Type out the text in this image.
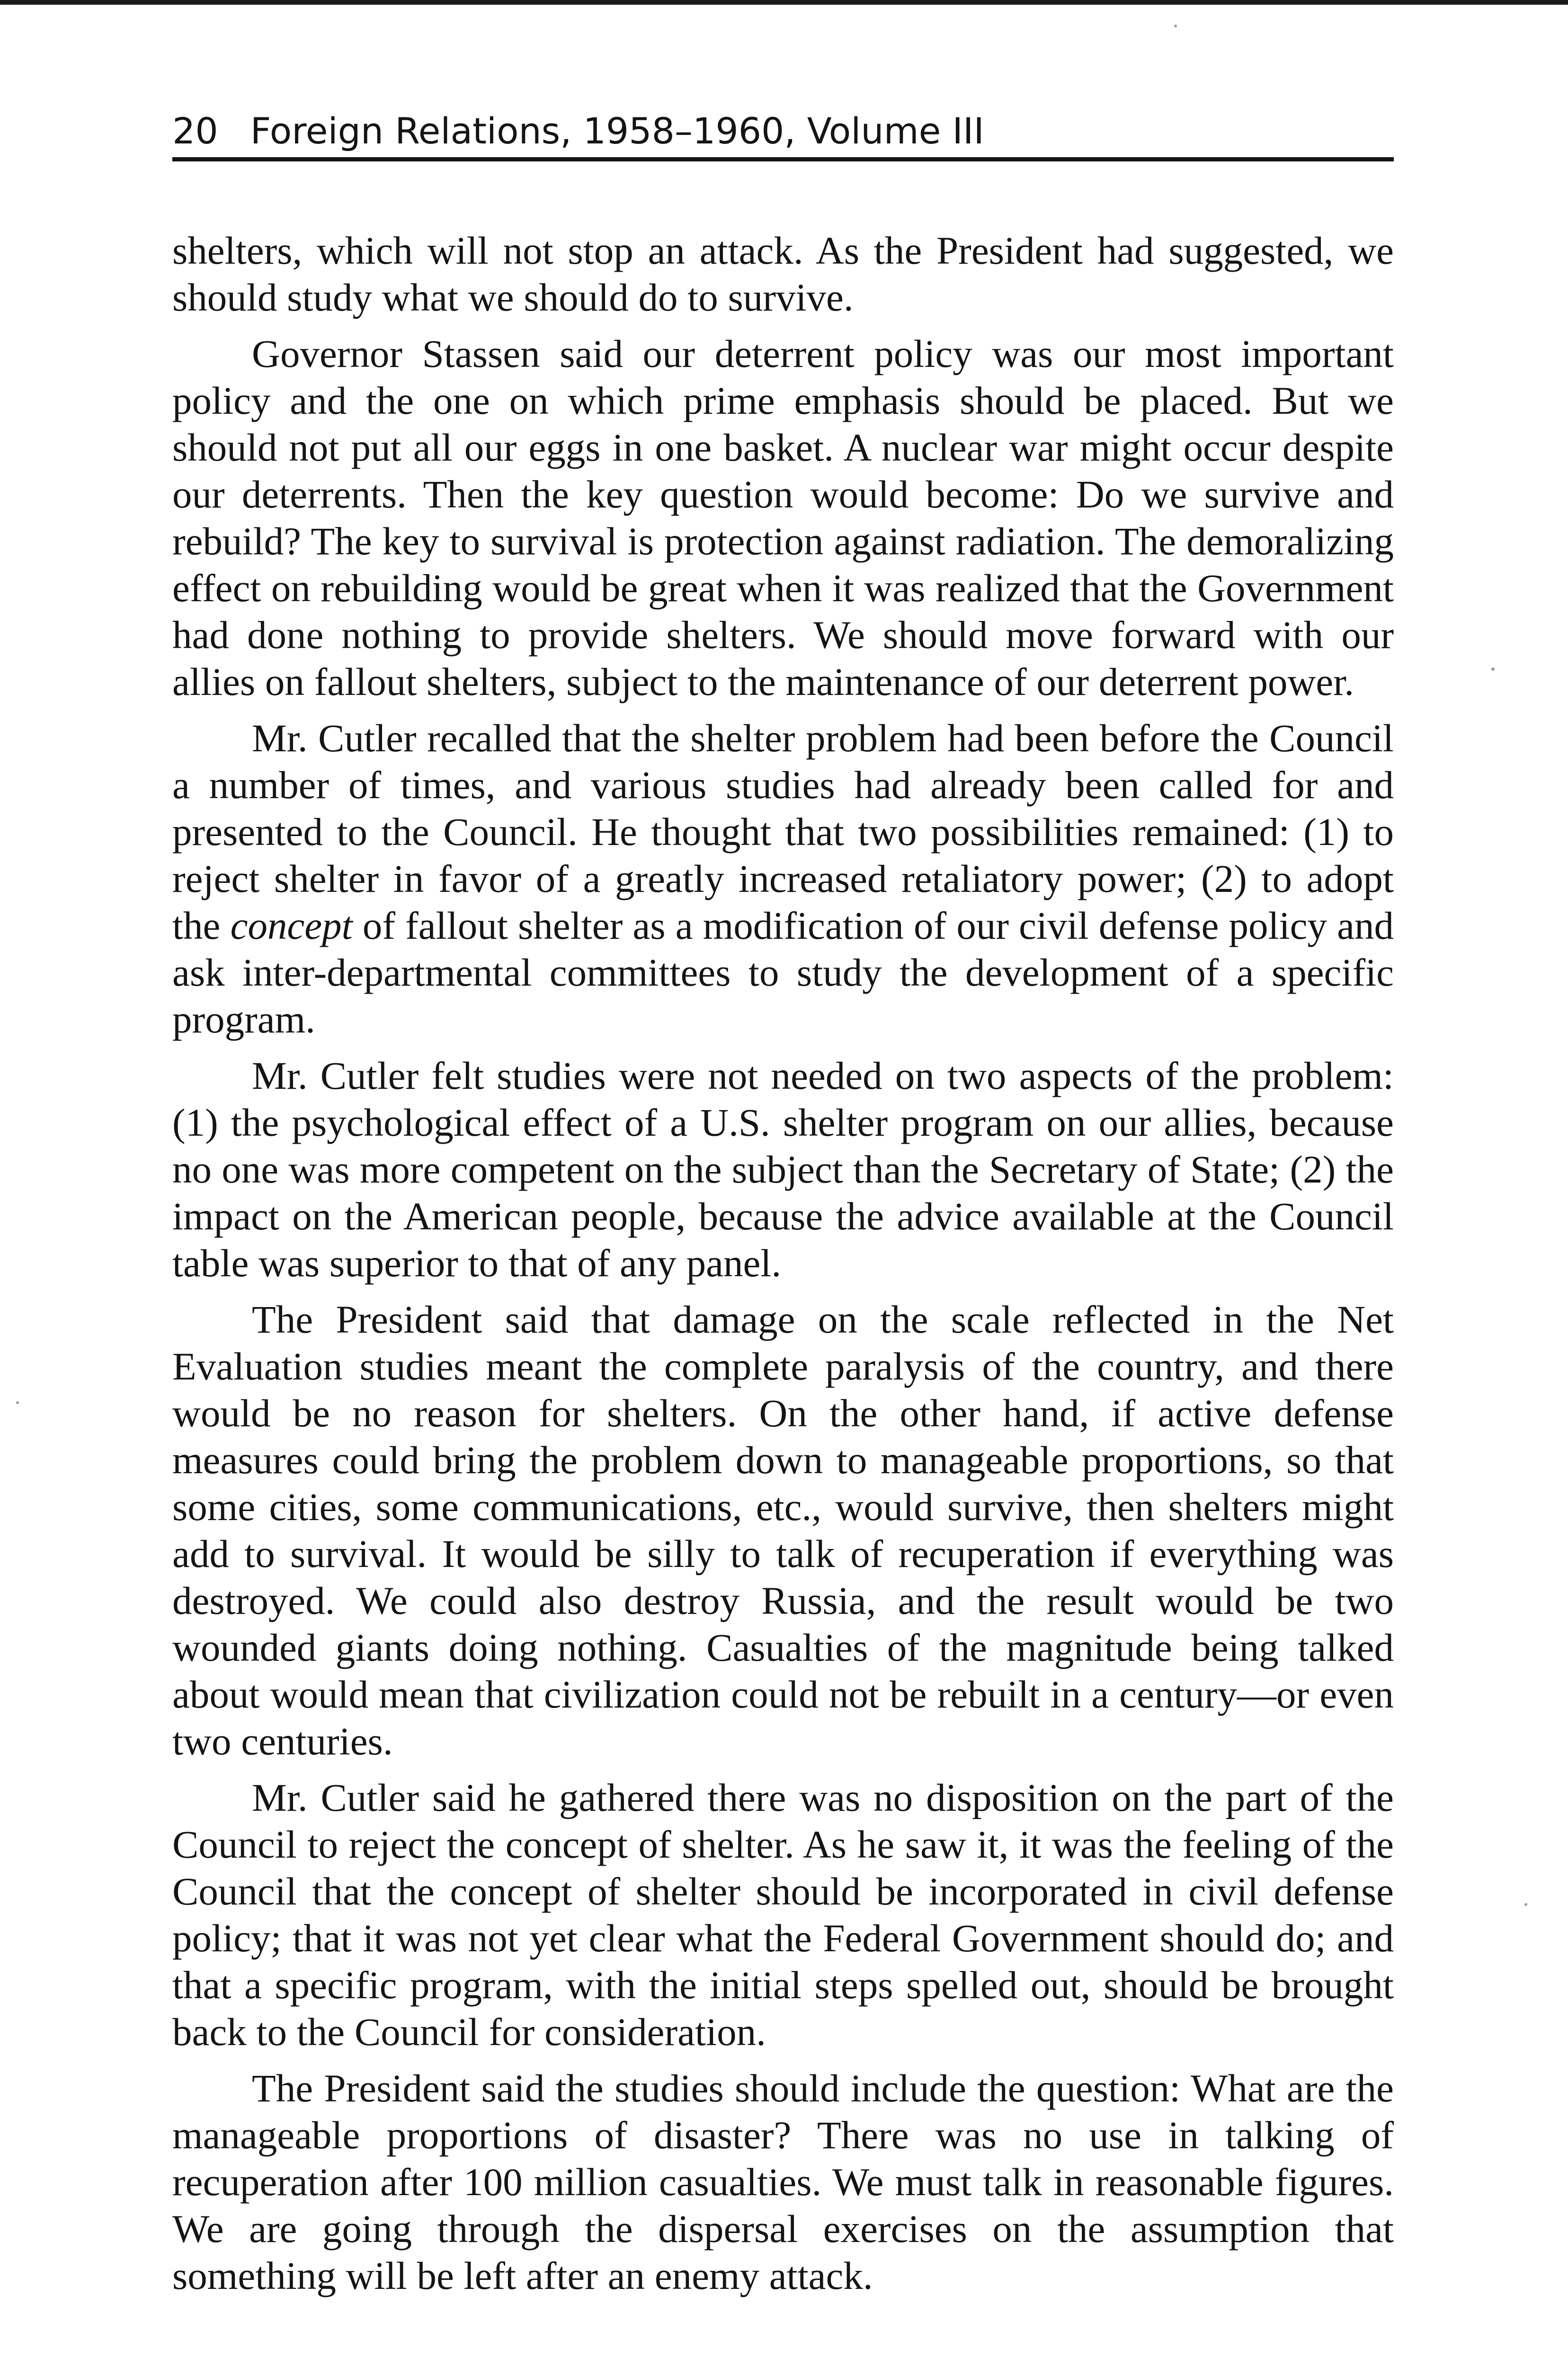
20 Foreign Relations, 1958–1960, Volume III

shelters, which will not stop an attack. As the President had suggested, we should study what we should do to survive.

Governor Stassen said our deterrent policy was our most important policy and the one on which prime emphasis should be placed. But we should not put all our eggs in one basket. A nuclear war might occur despite our deterrents. Then the key question would become: Do we survive and rebuild? The key to survival is protection against radiation. The demoralizing effect on rebuilding would be great when it was realized that the Government had done nothing to provide shelters. We should move forward with our allies on fallout shelters, subject to the maintenance of our deterrent power.

Mr. Cutler recalled that the shelter problem had been before the Council a number of times, and various studies had already been called for and presented to the Council. He thought that two possibilities remained: (1) to reject shelter in favor of a greatly increased retaliatory power; (2) to adopt the concept of fallout shelter as a modification of our civil defense policy and ask inter-departmental committees to study the development of a specific program.

Mr. Cutler felt studies were not needed on two aspects of the problem: (1) the psychological effect of a U.S. shelter program on our allies, because no one was more competent on the subject than the Secretary of State; (2) the impact on the American people, because the advice available at the Council table was superior to that of any panel.

The President said that damage on the scale reflected in the Net Evaluation studies meant the complete paralysis of the country, and there would be no reason for shelters. On the other hand, if active defense measures could bring the problem down to manageable proportions, so that some cities, some communications, etc., would survive, then shelters might add to survival. It would be silly to talk of recuperation if everything was destroyed. We could also destroy Russia, and the result would be two wounded giants doing nothing. Casualties of the magnitude being talked about would mean that civilization could not be rebuilt in a century—or even two centuries.

Mr. Cutler said he gathered there was no disposition on the part of the Council to reject the concept of shelter. As he saw it, it was the feeling of the Council that the concept of shelter should be incorporated in civil defense policy; that it was not yet clear what the Federal Government should do; and that a specific program, with the initial steps spelled out, should be brought back to the Council for consideration.

The President said the studies should include the question: What are the manageable proportions of disaster? There was no use in talking of recuperation after 100 million casualties. We must talk in reasonable figures. We are going through the dispersal exercises on the assumption that something will be left after an enemy attack.
